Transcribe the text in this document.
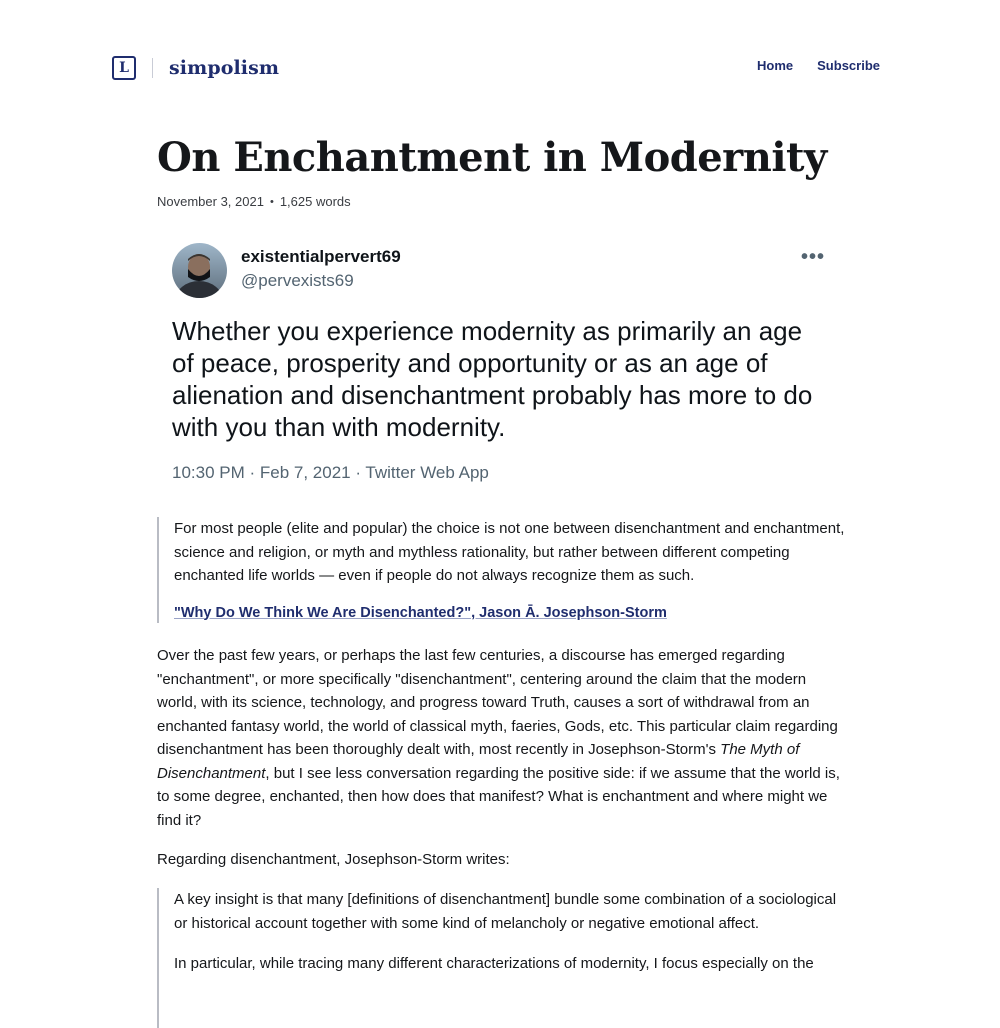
L simpolism	Home Subscribe
On Enchantment in Modernity
November 3, 2021 • 1,625 words
existentialpervert69
@pervexists69
•••
Whether you experience modernity as primarily an age of peace, prosperity and opportunity or as an age of alienation and disenchantment probably has more to do with you than with modernity.
10:30 PM · Feb 7, 2021 · Twitter Web App

For most people (elite and popular) the choice is not one between disenchantment and enchantment, science and religion, or myth and mythless rationality, but rather between different competing enchanted life worlds — even if people do not always recognize them as such.

"Why Do We Think We Are Disenchanted?", Jason Ā. Josephson-Storm

Over the past few years, or perhaps the last few centuries, a discourse has emerged regarding "enchantment", or more specifically "disenchantment", centering around the claim that the modern world, with its science, technology, and progress toward Truth, causes a sort of withdrawal from an enchanted fantasy world, the world of classical myth, faeries, Gods, etc. This particular claim regarding disenchantment has been thoroughly dealt with, most recently in Josephson-Storm's The Myth of Disenchantment, but I see less conversation regarding the positive side: if we assume that the world is, to some degree, enchanted, then how does that manifest? What is enchantment and where might we find it?

Regarding disenchantment, Josephson-Storm writes:

A key insight is that many [definitions of disenchantment] bundle some combination of a sociological or historical account together with some kind of melancholy or negative emotional affect.

In particular, while tracing many different characterizations of modernity, I focus especially on the
